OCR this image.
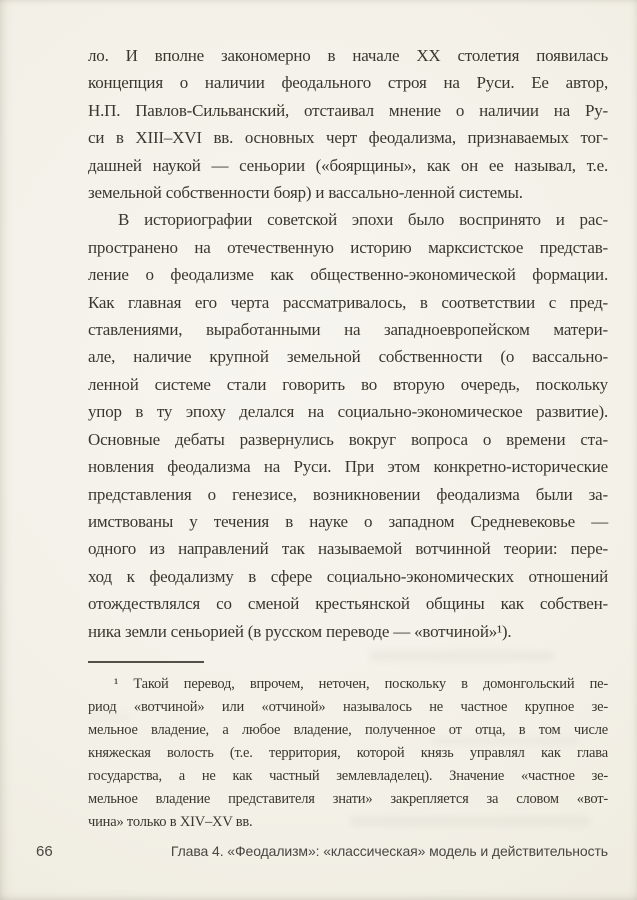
ло. И вполне закономерно в начале XX столетия появилась
концепция о наличии феодального строя на Руси. Ее автор,
Н.П. Павлов-Сильванский, отстаивал мнение о наличии на Ру-
си в XIII–XVI вв. основных черт феодализма, признаваемых тог-
дашней наукой — сеньории («боярщины», как он ее называл, т.е.
земельной собственности бояр) и вассально-ленной системы.
В историографии советской эпохи было воспринято и рас-
пространено на отечественную историю марксистское представ-
ление о феодализме как общественно-экономической формации.
Как главная его черта рассматривалось, в соответствии с пред-
ставлениями, выработанными на западноевропейском матери-
але, наличие крупной земельной собственности (о вассально-
ленной системе стали говорить во вторую очередь, поскольку
упор в ту эпоху делался на социально-экономическое развитие).
Основные дебаты развернулись вокруг вопроса о времени ста-
новления феодализма на Руси. При этом конкретно-исторические
представления о генезисе, возникновении феодализма были за-
имствованы у течения в науке о западном Средневековье —
одного из направлений так называемой вотчинной теории: пере-
ход к феодализму в сфере социально-экономических отношений
отождествлялся со сменой крестьянской общины как собствен-
ника земли сеньорией (в русском переводе — «вотчиной»¹).
¹ Такой перевод, впрочем, неточен, поскольку в домонгольский пе-
риод «вотчиной» или «отчиной» называлось не частное крупное зе-
мельное владение, а любое владение, полученное от отца, в том числе
княжеская волость (т.е. территория, которой князь управлял как глава
государства, а не как частный землевладелец). Значение «частное зе-
мельное владение представителя знати» закрепляется за словом «вот-
чина» только в XIV–XV вв.
66	Глава 4. «Феодализм»: «классическая» модель и действительность
